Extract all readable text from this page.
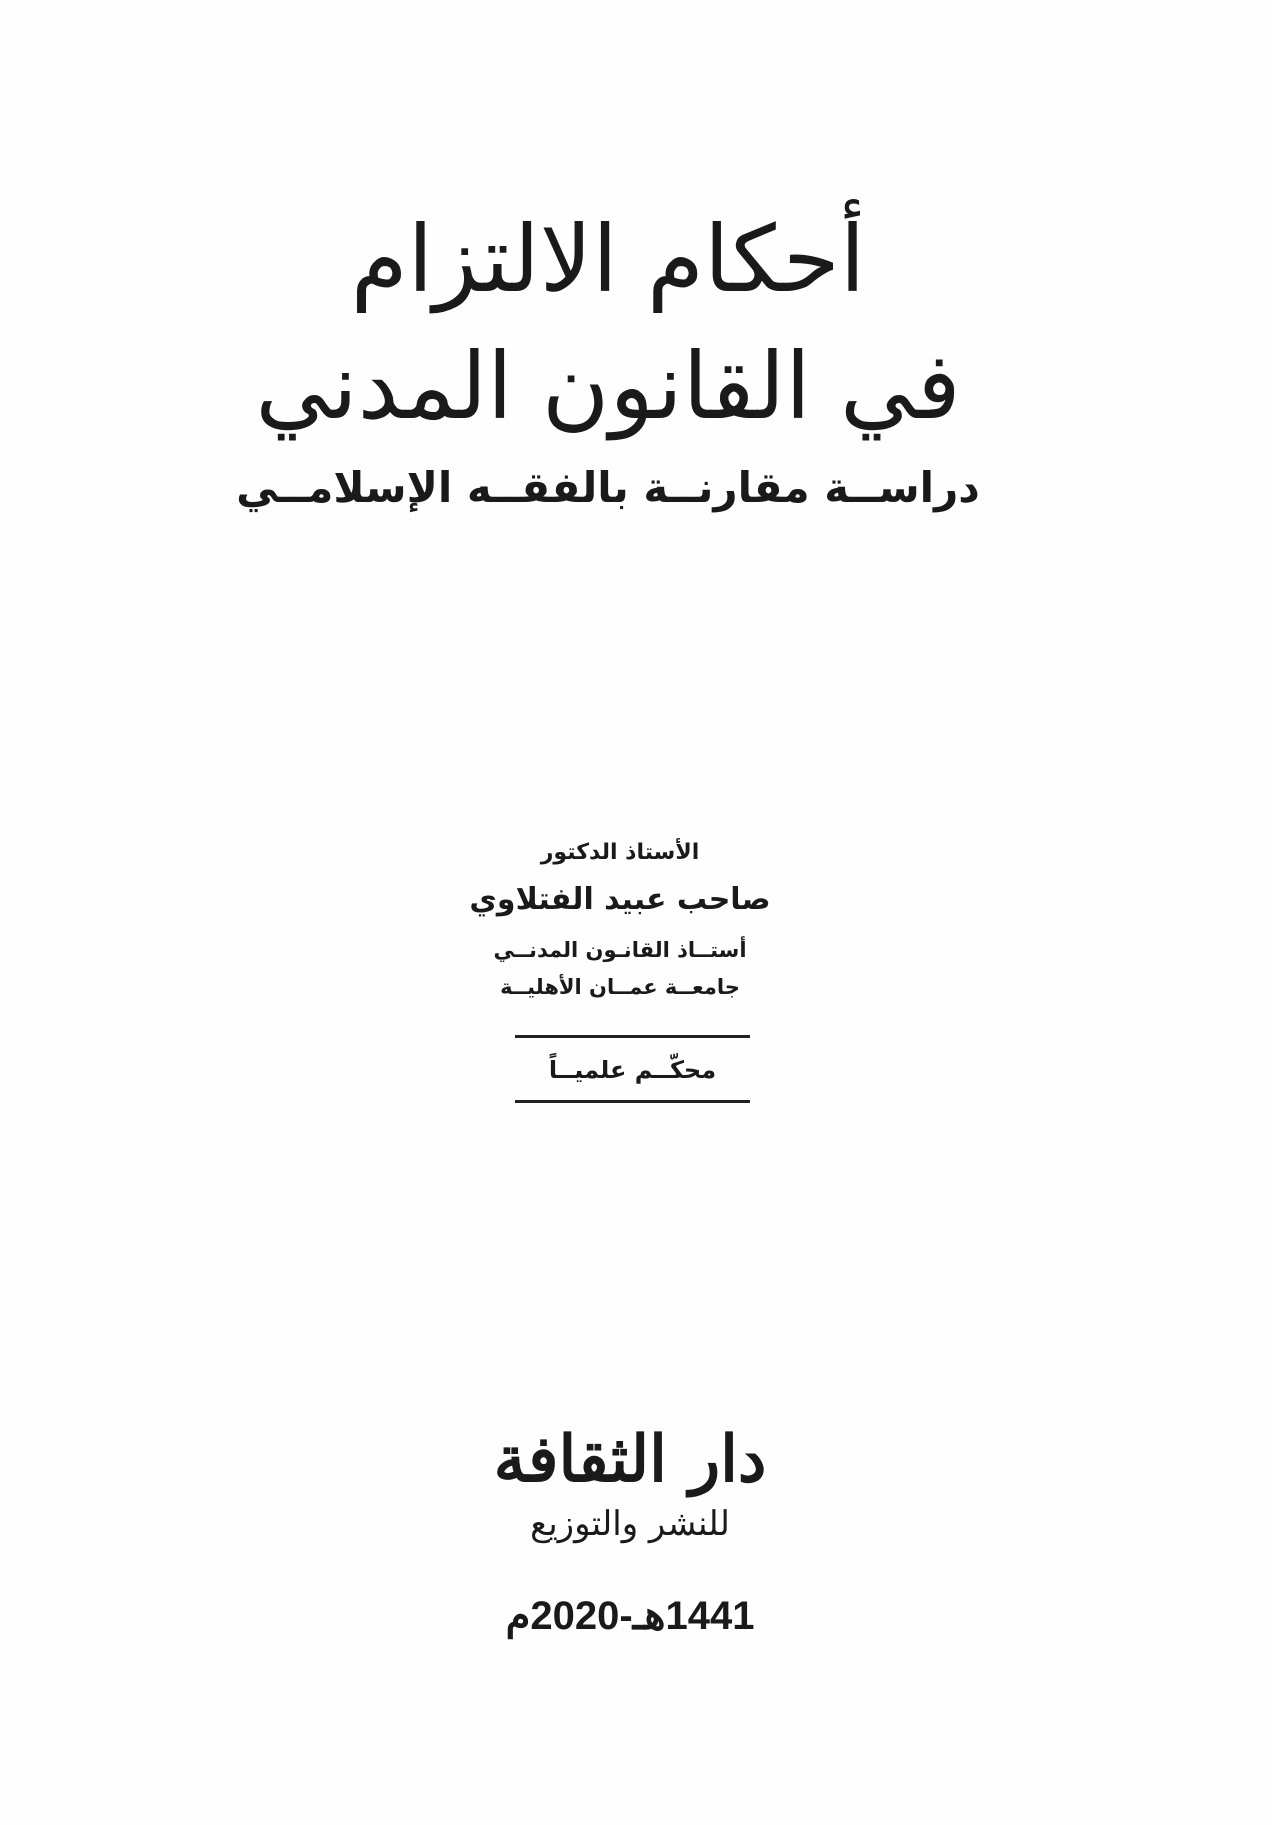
أحكام الالتزام
في القانون المدني
دراســة مقارنــة بالفقــه الإسلامــي
الأستاذ الدكتور
صاحب عبيد الفتلاوي
أستــاذ القانـون المدنــي
جامعــة عمــان الأهليــة
محكّــم علميــاً
دار الثقافة
للنشر والتوزيع
1441هـ-2020م
